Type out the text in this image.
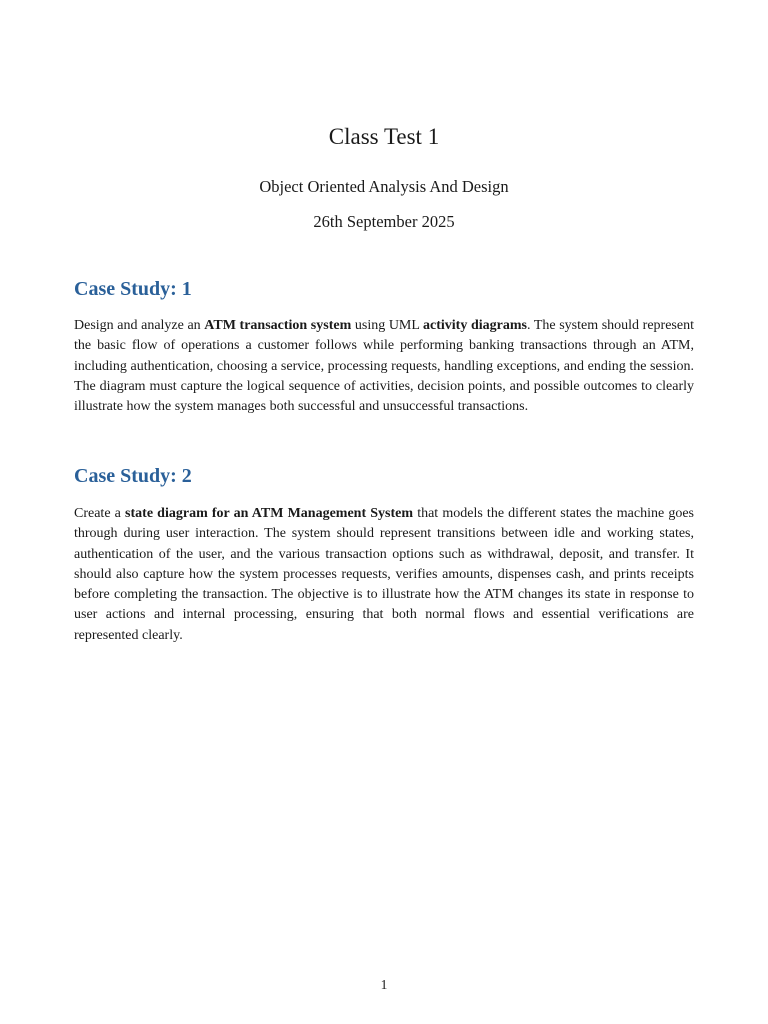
Class Test 1
Object Oriented Analysis And Design
26th September 2025
Case Study: 1

Design and analyze an ATM transaction system using UML activity diagrams. The system should represent the basic flow of operations a customer follows while performing banking transactions through an ATM, including authentication, choosing a service, processing requests, handling exceptions, and ending the session. The diagram must capture the logical sequence of activities, decision points, and possible outcomes to clearly illustrate how the system manages both successful and unsuccessful transactions.

Case Study: 2

Create a state diagram for an ATM Management System that models the different states the machine goes through during user interaction. The system should represent transitions between idle and working states, authentication of the user, and the various transaction options such as withdrawal, deposit, and transfer. It should also capture how the system processes requests, verifies amounts, dispenses cash, and prints receipts before completing the transaction. The objective is to illustrate how the ATM changes its state in response to user actions and internal processing, ensuring that both normal flows and essential verifications are represented clearly.

1
